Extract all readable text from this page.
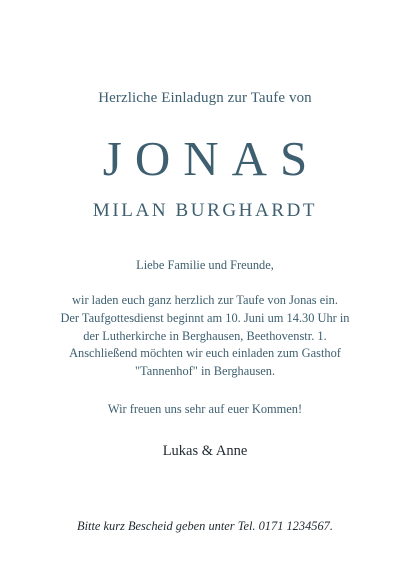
Herzliche Einladugn zur Taufe von
JONAS
MILAN BURGHARDT
Liebe Familie und Freunde,
wir laden euch ganz herzlich zur Taufe von Jonas ein.
Der Taufgottesdienst beginnt am 10. Juni um 14.30 Uhr in
der Lutherkirche in Berghausen, Beethovenstr. 1.
Anschließend möchten wir euch einladen zum Gasthof
"Tannenhof" in Berghausen.
Wir freuen uns sehr auf euer Kommen!
Lukas & Anne
Bitte kurz Bescheid geben unter Tel. 0171 1234567.
